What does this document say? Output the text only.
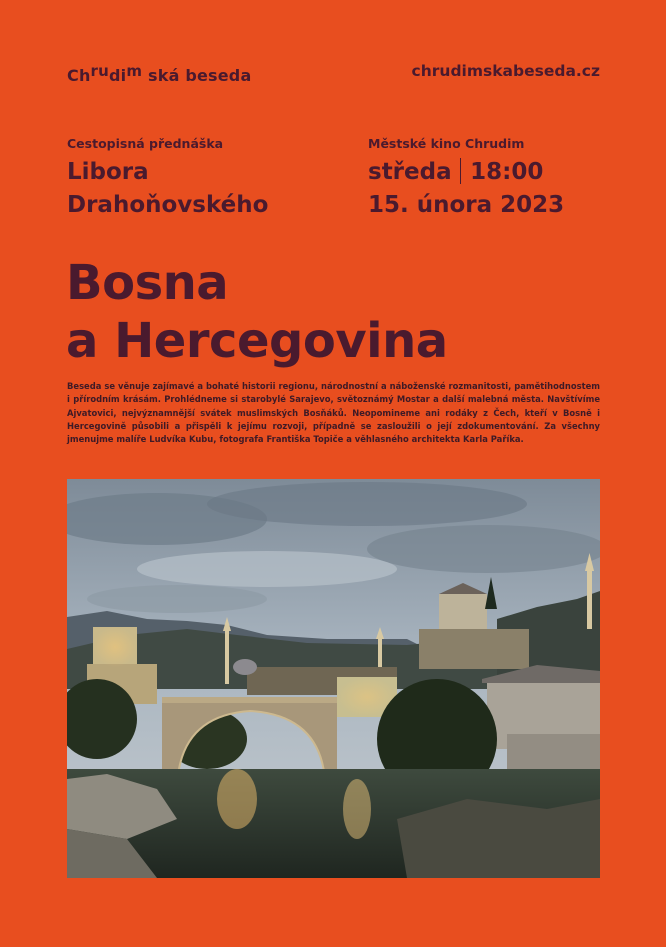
Chrudim ská beseda	chrudimskabeseda.cz
Cestopisná přednáška
Libora
Drahoňovského
Městské kino Chrudim
středa 18:00
15. února 2023
Bosna
a Hercegovina

Beseda se věnuje zajímavé a bohaté historii regionu, národnostní a náboženské rozmanitosti, pamětihodnostem i přírodním krásám. Prohlédneme si starobylé Sarajevo, světoznámý Mostar a další malebná města. Navštívíme Ajvatovici, nejvýznamnější svátek muslimských Bosňáků. Neopomineme ani rodáky z Čech, kteří v Bosně i Hercegovině působili a přispěli k jejímu rozvoji, případně se zasloužili o její zdokumentování. Za všechny jmenujme malíře Ludvíka Kubu, fotografa Františka Topiče a věhlasného architekta Karla Paříka.
